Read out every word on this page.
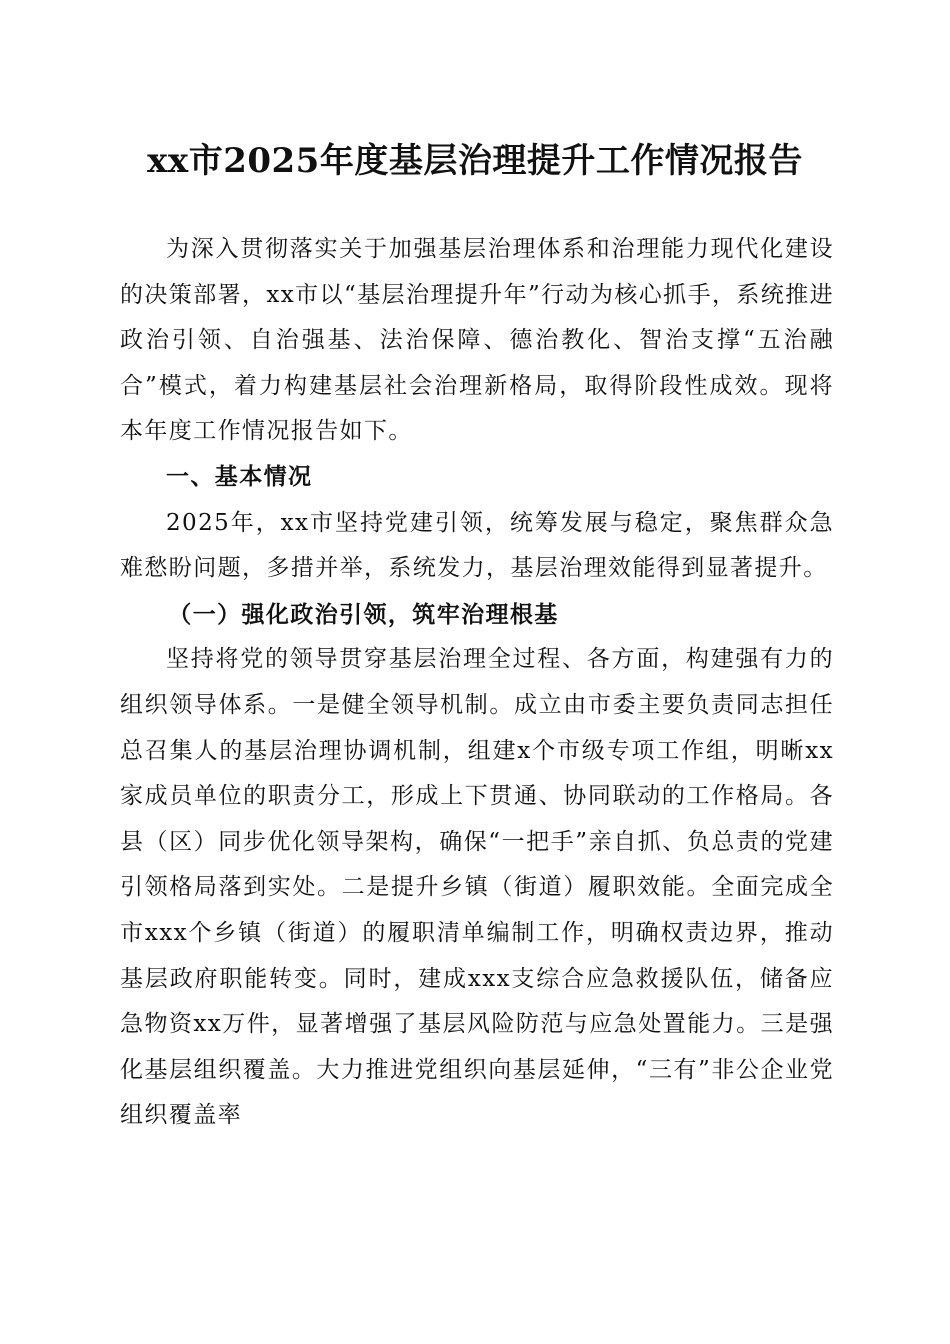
xx市2025年度基层治理提升工作情况报告

为深入贯彻落实关于加强基层治理体系和治理能力现代化建设的决策部署，xx市以“基层治理提升年”行动为核心抓手，系统推进政治引领、自治强基、法治保障、德治教化、智治支撑“五治融合”模式，着力构建基层社会治理新格局，取得阶段性成效。现将本年度工作情况报告如下。

一、基本情况

2025年，xx市坚持党建引领，统筹发展与稳定，聚焦群众急难愁盼问题，多措并举，系统发力，基层治理效能得到显著提升。

（一）强化政治引领，筑牢治理根基

坚持将党的领导贯穿基层治理全过程、各方面，构建强有力的组织领导体系。一是健全领导机制。成立由市委主要负责同志担任总召集人的基层治理协调机制，组建x个市级专项工作组，明晰xx家成员单位的职责分工，形成上下贯通、协同联动的工作格局。各县（区）同步优化领导架构，确保“一把手”亲自抓、负总责的党建引领格局落到实处。二是提升乡镇（街道）履职效能。全面完成全市xxx个乡镇（街道）的履职清单编制工作，明确权责边界，推动基层政府职能转变。同时，建成xxx支综合应急救援队伍，储备应急物资xx万件，显著增强了基层风险防范与应急处置能力。三是强化基层组织覆盖。大力推进党组织向基层延伸，“三有”非公企业党组织覆盖率
